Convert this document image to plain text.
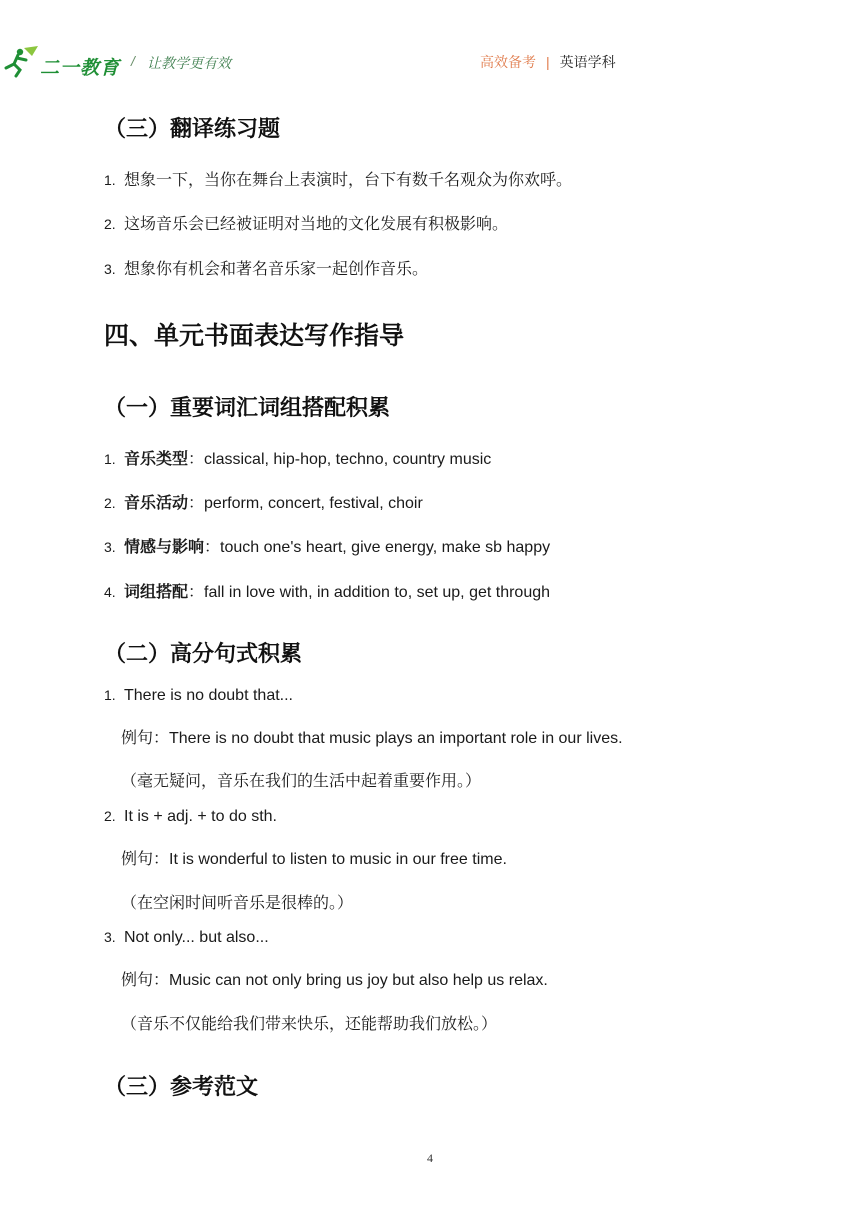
二一教育 / 让教学更有效	高效备考 | 英语学科
（三）翻译练习题
1. 想象一下，当你在舞台上表演时，台下有数千名观众为你欢呼。
2. 这场音乐会已经被证明对当地的文化发展有积极影响。
3. 想象你有机会和著名音乐家一起创作音乐。
四、单元书面表达写作指导
（一）重要词汇词组搭配积累
1. 音乐类型：classical, hip-hop, techno, country music
2. 音乐活动：perform, concert, festival, choir
3. 情感与影响：touch one's heart, give energy, make sb happy
4. 词组搭配：fall in love with, in addition to, set up, get through
（二）高分句式积累
1. There is no doubt that...
例句：There is no doubt that music plays an important role in our lives.
（毫无疑问，音乐在我们的生活中起着重要作用。）
2. It is + adj. + to do sth.
例句：It is wonderful to listen to music in our free time.
（在空闲时间听音乐是很棒的。）
3. Not only... but also...
例句：Music can not only bring us joy but also help us relax.
（音乐不仅能给我们带来快乐，还能帮助我们放松。）
（三）参考范文
4
